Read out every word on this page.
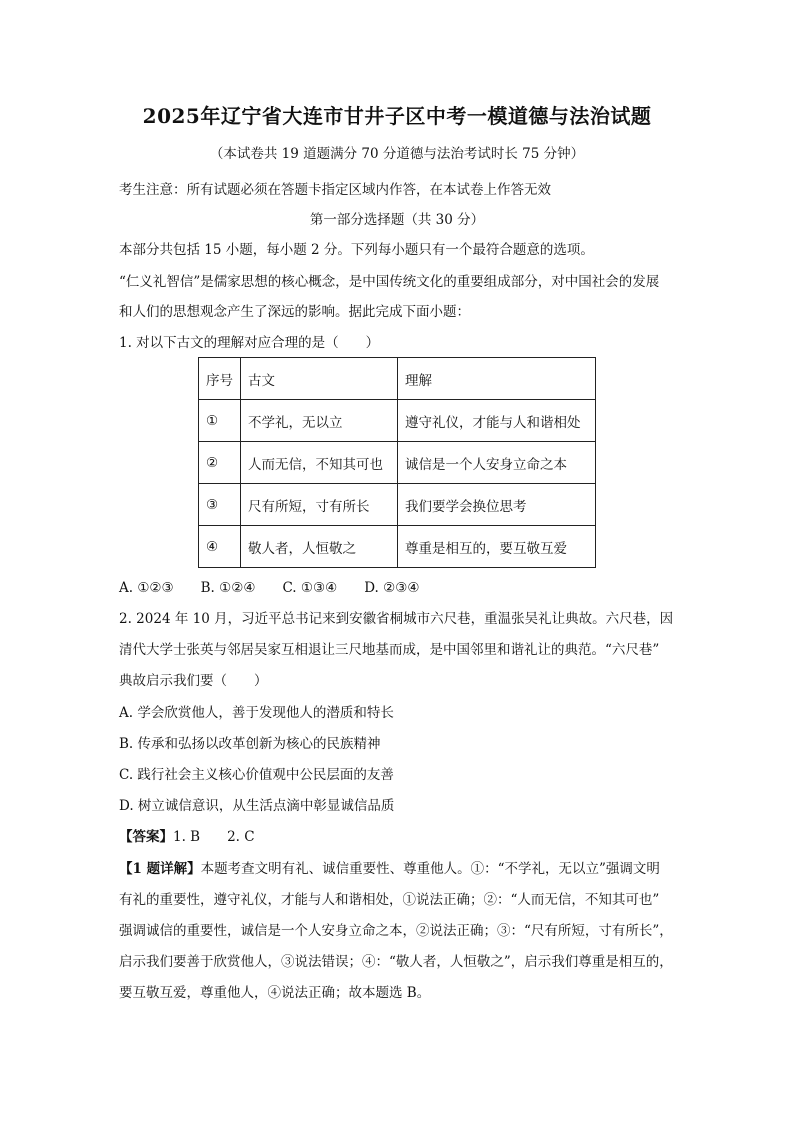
2025年辽宁省大连市甘井子区中考一模道德与法治试题
（本试卷共 19 道题满分 70 分道德与法治考试时长 75 分钟）
考生注意：所有试题必须在答题卡指定区域内作答，在本试卷上作答无效
第一部分选择题（共 30 分）
本部分共包括 15 小题，每小题 2 分。下列每小题只有一个最符合题意的选项。
“仁义礼智信”是儒家思想的核心概念，是中国传统文化的重要组成部分，对中国社会的发展
和人们的思想观念产生了深远的影响。据此完成下面小题：
1. 对以下古文的理解对应合理的是（　　）
序号	古文	理解
①	不学礼，无以立	遵守礼仪，才能与人和谐相处
②	人而无信，不知其可也	诚信是一个人安身立命之本
③	尺有所短，寸有所长	我们要学会换位思考
④	敬人者，人恒敬之	尊重是相互的，要互敬互爱
A. ①②③　　B. ①②④　　C. ①③④　　D. ②③④
2. 2024 年 10 月，习近平总书记来到安徽省桐城市六尺巷，重温张吴礼让典故。六尺巷，因
清代大学士张英与邻居吴家互相退让三尺地基而成，是中国邻里和谐礼让的典范。“六尺巷”
典故启示我们要（　　）
A. 学会欣赏他人，善于发现他人的潜质和特长
B. 传承和弘扬以改革创新为核心的民族精神
C. 践行社会主义核心价值观中公民层面的友善
D. 树立诚信意识，从生活点滴中彰显诚信品质
【答案】1. B　　2. C
【1 题详解】本题考查文明有礼、诚信重要性、尊重他人。①：“不学礼，无以立”强调文明
有礼的重要性，遵守礼仪，才能与人和谐相处，①说法正确；②：“人而无信，不知其可也”
强调诚信的重要性，诚信是一个人安身立命之本，②说法正确；③：“尺有所短，寸有所长”，
启示我们要善于欣赏他人，③说法错误；④：“敬人者，人恒敬之”，启示我们尊重是相互的，
要互敬互爱，尊重他人，④说法正确；故本题选 B。
